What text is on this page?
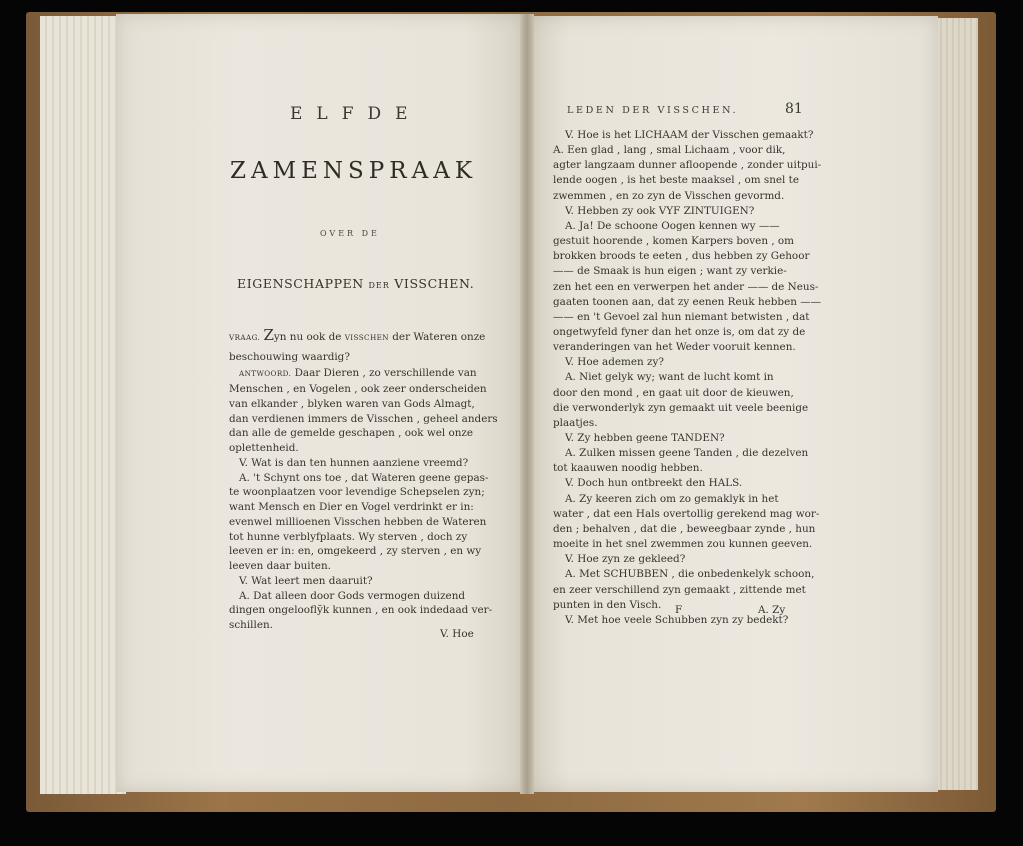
ELFDE
ZAMENSPRAAK
OVER DE
EIGENSCHAPPEN DER VISSCHEN.
VRAAG. Zyn nu ook de VISSCHEN der Wateren onze
beschouwing waardig?
ANTWOORD. Daar Dieren , zo verschillende van
Menschen , en Vogelen , ook zeer onderscheiden
van elkander , blyken waren van Gods Almagt,
dan verdienen immers de Visschen , geheel anders
dan alle de gemelde geschapen , ook wel onze
oplettenheid.
V. Wat is dan ten hunnen aanziene vreemd?
A. 't Schynt ons toe , dat Wateren geene gepas-
te woonplaatzen voor levendige Schepselen zyn;
want Mensch en Dier en Vogel verdrinkt er in:
evenwel millioenen Visschen hebben de Wateren
tot hunne verblyfplaats. Wy sterven , doch zy
leeven er in: en, omgekeerd , zy sterven , en wy
leeven daar buiten.
V. Wat leert men daaruit?
A. Dat alleen door Gods vermogen duizend
dingen ongeloofly̆k kunnen , en ook indedaad ver-
schillen.
V. Hoe
LEDEN DER VISSCHEN.	81
V. Hoe is het LICHAAM der Visschen gemaakt?
A. Een glad , lang , smal Lichaam , voor dik,
agter langzaam dunner afloopende , zonder uitpui-
lende oogen , is het beste maaksel , om snel te
zwemmen , en zo zyn de Visschen gevormd.
V. Hebben zy ook VYF ZINTUIGEN?
A. Ja! De schoone Oogen kennen wy ——
gestuit hoorende , komen Karpers boven , om
brokken broods te eeten , dus hebben zy Gehoor
—— de Smaak is hun eigen ; want zy verkie-
zen het een en verwerpen het ander —— de Neus-
gaaten toonen aan, dat zy eenen Reuk hebben ——
—— en 't Gevoel zal hun niemant betwisten , dat
ongetwyfeld fyner dan het onze is, om dat zy de
veranderingen van het Weder vooruit kennen.
V. Hoe ademen zy?
A. Niet gelyk wy; want de lucht komt in
door den mond , en gaat uit door de kieuwen,
die verwonderlyk zyn gemaakt uit veele beenige
plaatjes.
V. Zy hebben geene TANDEN?
A. Zulken missen geene Tanden , die dezelven
tot kaauwen noodig hebben.
V. Doch hun ontbreekt den HALS.
A. Zy keeren zich om zo gemaklyk in het
water , dat een Hals overtollig gerekend mag wor-
den ; behalven , dat die , beweegbaar zynde , hun
moeite in het snel zwemmen zou kunnen geeven.
V. Hoe zyn ze gekleed?
A. Met SCHUBBEN , die onbedenkelyk schoon,
en zeer verschillend zyn gemaakt , zittende met
punten in den Visch.
V. Met hoe veele Schubben zyn zy bedekt?
F	A. Zy
